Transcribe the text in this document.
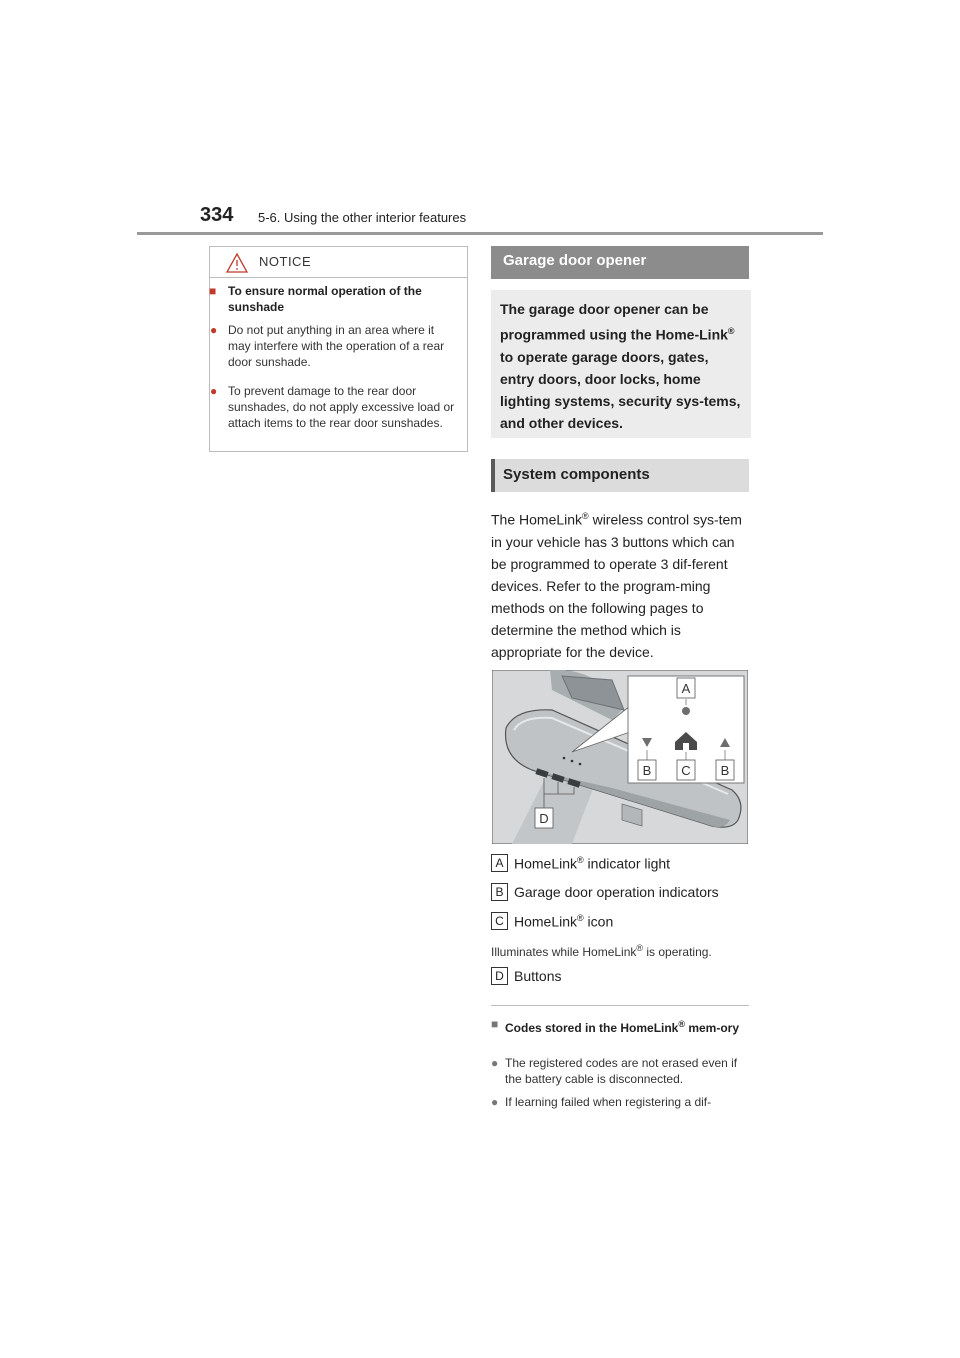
334 5-6. Using the other interior features
NOTICE
■ To ensure normal operation of the sunshade
● Do not put anything in an area where it may interfere with the operation of a rear door sunshade.
● To prevent damage to the rear door sunshades, do not apply excessive load or attach items to the rear door sunshades.
Garage door opener
The garage door opener can be programmed using the Home-Link® to operate garage doors, gates, entry doors, door locks, home lighting systems, security sys-tems, and other devices.
System components
The HomeLink® wireless control sys-tem in your vehicle has 3 buttons which can be programmed to operate 3 dif-ferent devices. Refer to the program-ming methods on the following pages to determine the method which is appropriate for the device.
A
B C B
D
A HomeLink® indicator light
B Garage door operation indicators
C HomeLink® icon
Illuminates while HomeLink® is operating.
D Buttons
■ Codes stored in the HomeLink® mem-ory
● The registered codes are not erased even if the battery cable is disconnected.
● If learning failed when registering a dif-
